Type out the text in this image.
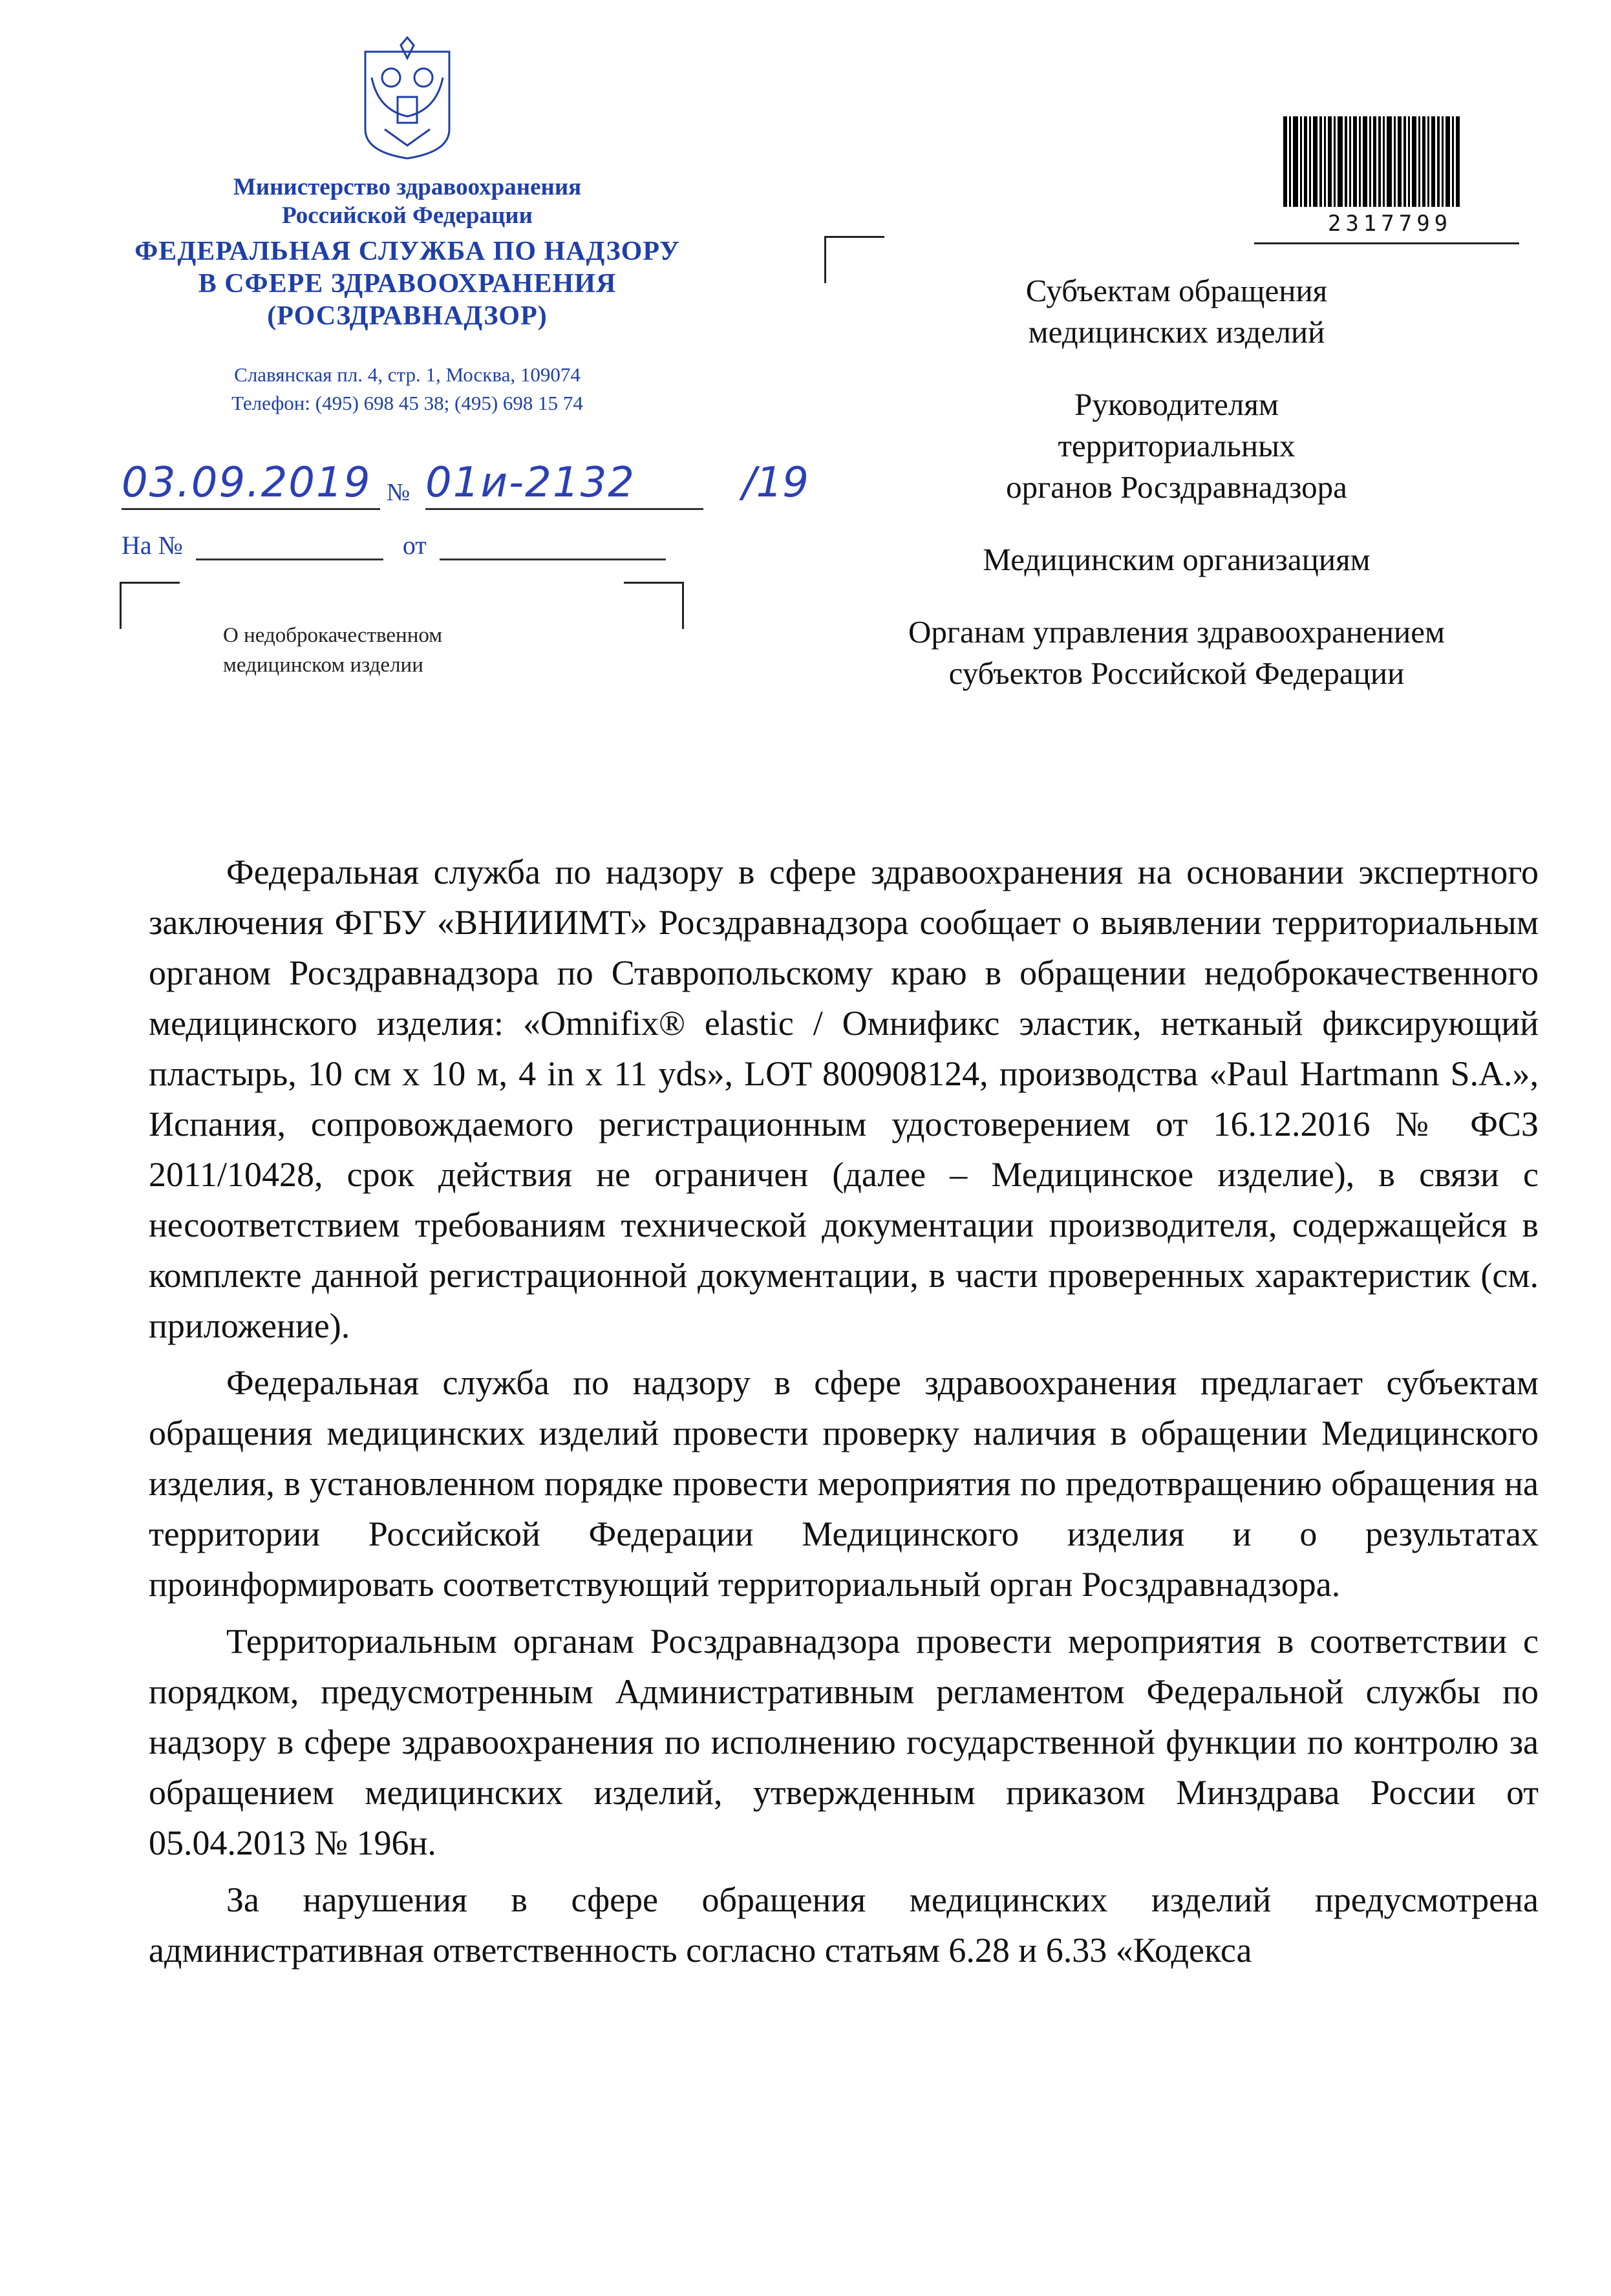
Министерство здравоохранения
Российской Федерации
ФЕДЕРАЛЬНАЯ СЛУЖБА ПО НАДЗОРУ
В СФЕРЕ ЗДРАВООХРАНЕНИЯ
(РОСЗДРАВНАДЗОР)
Славянская пл. 4, стр. 1, Москва, 109074
Телефон: (495) 698 45 38; (495) 698 15 74
03.09.2019 № 01и-2132	/19
На №	от
О недоброкачественном
медицинском изделии
2317799
Субъектам обращения
медицинских изделий
Руководителям
территориальных
органов Росздравнадзора
Медицинским организациям
Органам управления здравоохранением
субъектов Российской Федерации

Федеральная служба по надзору в сфере здравоохранения на основании экспертного заключения ФГБУ «ВНИИИМТ» Росздравнадзора сообщает о выявлении территориальным органом Росздравнадзора по Ставропольскому краю в обращении недоброкачественного медицинского изделия: «Omnifix® elastic / Омнификс эластик, нетканый фиксирующий пластырь, 10 см х 10 м, 4 in x 11 yds», LOT 800908124, производства «Paul Hartmann S.A.», Испания, сопровождаемого регистрационным удостоверением от 16.12.2016 № ФСЗ 2011/10428, срок действия не ограничен (далее – Медицинское изделие), в связи с несоответствием требованиям технической документации производителя, содержащейся в комплекте данной регистрационной документации, в части проверенных характеристик (см. приложение).

Федеральная служба по надзору в сфере здравоохранения предлагает субъектам обращения медицинских изделий провести проверку наличия в обращении Медицинского изделия, в установленном порядке провести мероприятия по предотвращению обращения на территории Российской Федерации Медицинского изделия и о результатах проинформировать соответствующий территориальный орган Росздравнадзора.

Территориальным органам Росздравнадзора провести мероприятия в соответствии с порядком, предусмотренным Административным регламентом Федеральной службы по надзору в сфере здравоохранения по исполнению государственной функции по контролю за обращением медицинских изделий, утвержденным приказом Минздрава России от 05.04.2013 № 196н.

За нарушения в сфере обращения медицинских изделий предусмотрена административная ответственность согласно статьям 6.28 и 6.33 «Кодекса
